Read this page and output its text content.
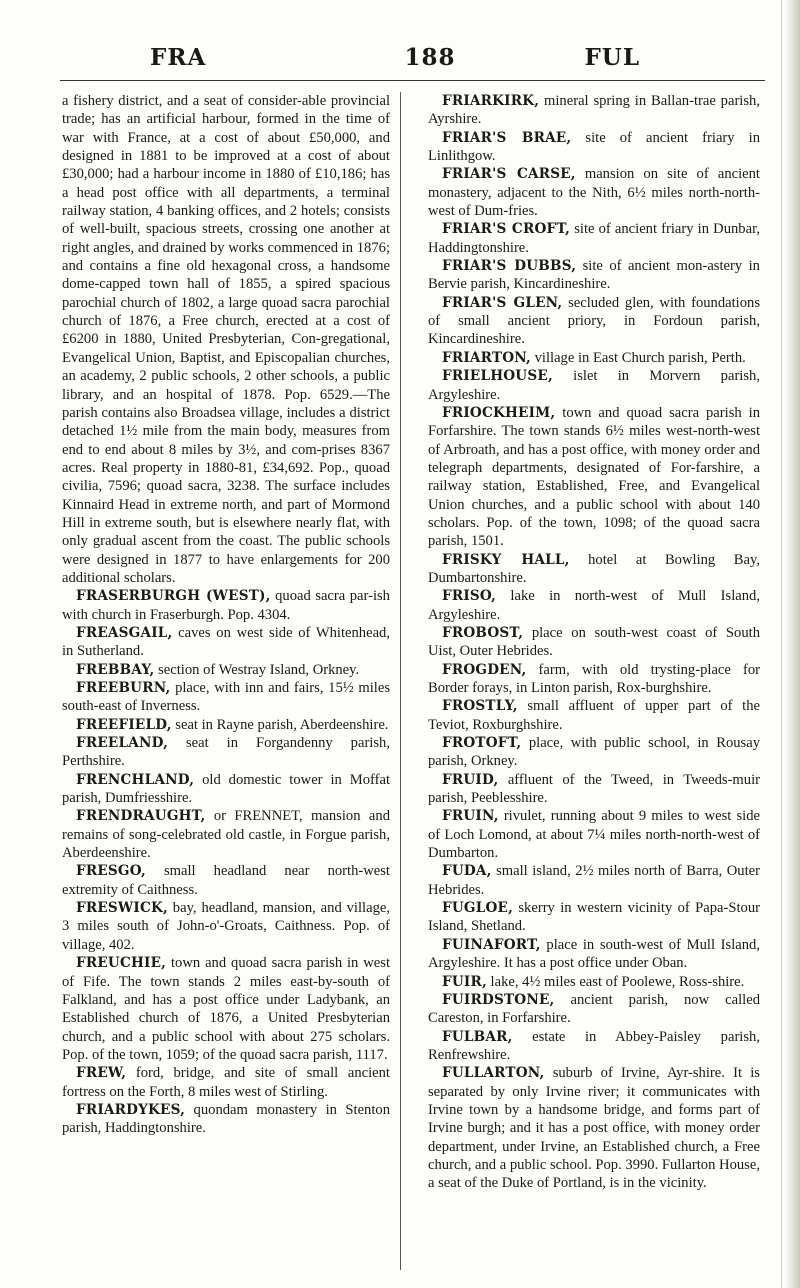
FRA	188	FUL

a fishery district, and a seat of consider-able provincial trade; has an artificial harbour, formed in the time of war with France, at a cost of about £50,000, and designed in 1881 to be improved at a cost of about £30,000; had a harbour income in 1880 of £10,186; has a head post office with all departments, a terminal railway station, 4 banking offices, and 2 hotels; consists of well-built, spacious streets, crossing one another at right angles, and drained by works commenced in 1876; and contains a fine old hexagonal cross, a handsome dome-capped town hall of 1855, a spired spacious parochial church of 1802, a large quoad sacra parochial church of 1876, a Free church, erected at a cost of £6200 in 1880, United Presbyterian, Con-gregational, Evangelical Union, Baptist, and Episcopalian churches, an academy, 2 public schools, 2 other schools, a public library, and an hospital of 1878. Pop. 6529.—The parish contains also Broadsea village, includes a district detached 1½ mile from the main body, measures from end to end about 8 miles by 3½, and com-prises 8367 acres. Real property in 1880-81, £34,692. Pop., quoad civilia, 7596; quoad sacra, 3238. The surface includes Kinnaird Head in extreme north, and part of Mormond Hill in extreme south, but is elsewhere nearly flat, with only gradual ascent from the coast. The public schools were designed in 1877 to have enlargements for 200 additional scholars.

FRASERBURGH (WEST), quoad sacra par-ish with church in Fraserburgh. Pop. 4304.

FREASGAIL, caves on west side of Whitenhead, in Sutherland.

FREBBAY, section of Westray Island, Orkney.

FREEBURN, place, with inn and fairs, 15½ miles south-east of Inverness.

FREEFIELD, seat in Rayne parish, Aberdeenshire.

FREELAND, seat in Forgandenny parish, Perthshire.

FRENCHLAND, old domestic tower in Moffat parish, Dumfriesshire.

FRENDRAUGHT, or FRENNET, mansion and remains of song-celebrated old castle, in Forgue parish, Aberdeenshire.

FRESGO, small headland near north-west extremity of Caithness.

FRESWICK, bay, headland, mansion, and village, 3 miles south of John-o'-Groats, Caithness. Pop. of village, 402.

FREUCHIE, town and quoad sacra parish in west of Fife. The town stands 2 miles east-by-south of Falkland, and has a post office under Ladybank, an Established church of 1876, a United Presbyterian church, and a public school with about 275 scholars. Pop. of the town, 1059; of the quoad sacra parish, 1117.

FREW, ford, bridge, and site of small ancient fortress on the Forth, 8 miles west of Stirling.

FRIARDYKES, quondam monastery in Stenton parish, Haddingtonshire.

FRIARKIRK, mineral spring in Ballan-trae parish, Ayrshire.

FRIAR'S BRAE, site of ancient friary in Linlithgow.

FRIAR'S CARSE, mansion on site of ancient monastery, adjacent to the Nith, 6½ miles north-north-west of Dum-fries.

FRIAR'S CROFT, site of ancient friary in Dunbar, Haddingtonshire.

FRIAR'S DUBBS, site of ancient mon-astery in Bervie parish, Kincardineshire.

FRIAR'S GLEN, secluded glen, with foundations of small ancient priory, in Fordoun parish, Kincardineshire.

FRIARTON, village in East Church parish, Perth.

FRIELHOUSE, islet in Morvern parish, Argyleshire.

FRIOCKHEIM, town and quoad sacra parish in Forfarshire. The town stands 6½ miles west-north-west of Arbroath, and has a post office, with money order and telegraph departments, designated of For-farshire, a railway station, Established, Free, and Evangelical Union churches, and a public school with about 140 scholars. Pop. of the town, 1098; of the quoad sacra parish, 1501.

FRISKY HALL, hotel at Bowling Bay, Dumbartonshire.

FRISO, lake in north-west of Mull Island, Argyleshire.

FROBOST, place on south-west coast of South Uist, Outer Hebrides.

FROGDEN, farm, with old trysting-place for Border forays, in Linton parish, Rox-burghshire.

FROSTLY, small affluent of upper part of the Teviot, Roxburghshire.

FROTOFT, place, with public school, in Rousay parish, Orkney.

FRUID, affluent of the Tweed, in Tweeds-muir parish, Peeblesshire.

FRUIN, rivulet, running about 9 miles to west side of Loch Lomond, at about 7¼ miles north-north-west of Dumbarton.

FUDA, small island, 2½ miles north of Barra, Outer Hebrides.

FUGLOE, skerry in western vicinity of Papa-Stour Island, Shetland.

FUINAFORT, place in south-west of Mull Island, Argyleshire. It has a post office under Oban.

FUIR, lake, 4½ miles east of Poolewe, Ross-shire.

FUIRDSTONE, ancient parish, now called Careston, in Forfarshire.

FULBAR, estate in Abbey-Paisley parish, Renfrewshire.

FULLARTON, suburb of Irvine, Ayr-shire. It is separated by only Irvine river; it communicates with Irvine town by a handsome bridge, and forms part of Irvine burgh; and it has a post office, with money order department, under Irvine, an Established church, a Free church, and a public school. Pop. 3990. Fullarton House, a seat of the Duke of Portland, is in the vicinity.
